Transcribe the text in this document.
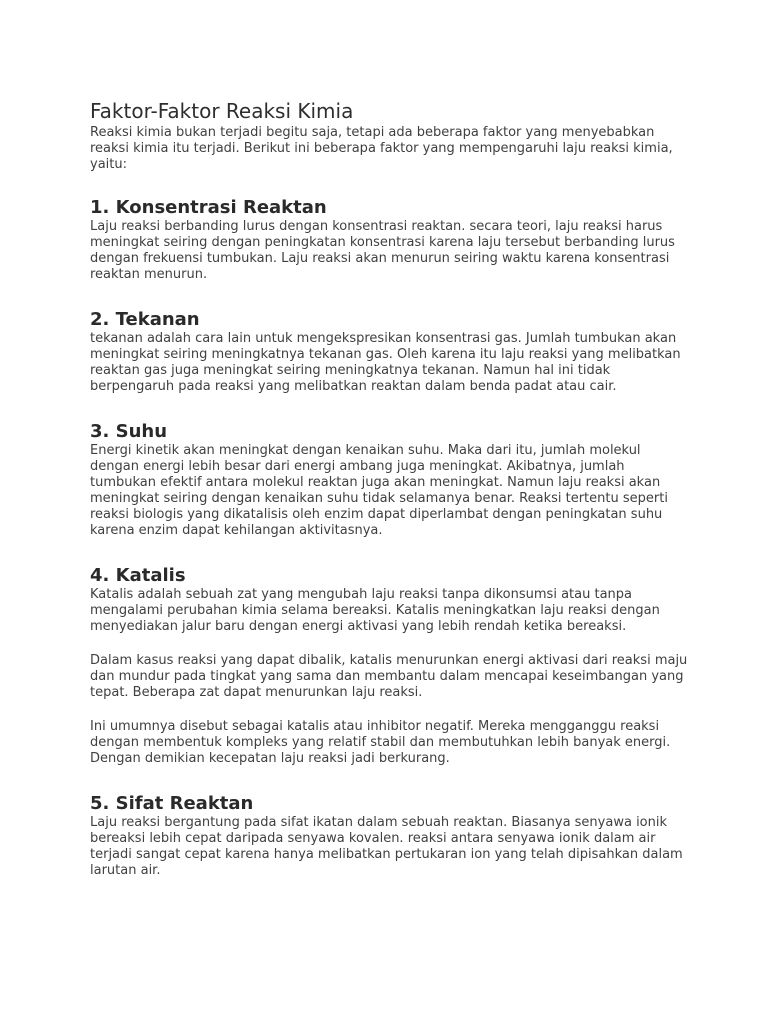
Faktor-Faktor Reaksi Kimia

Reaksi kimia bukan terjadi begitu saja, tetapi ada beberapa faktor yang menyebabkan reaksi kimia itu terjadi. Berikut ini beberapa faktor yang mempengaruhi laju reaksi kimia, yaitu:

1. Konsentrasi Reaktan

Laju reaksi berbanding lurus dengan konsentrasi reaktan. secara teori, laju reaksi harus meningkat seiring dengan peningkatan konsentrasi karena laju tersebut berbanding lurus dengan frekuensi tumbukan. Laju reaksi akan menurun seiring waktu karena konsentrasi reaktan menurun.

2. Tekanan

tekanan adalah cara lain untuk mengekspresikan konsentrasi gas. Jumlah tumbukan akan meningkat seiring meningkatnya tekanan gas. Oleh karena itu laju reaksi yang melibatkan reaktan gas juga meningkat seiring meningkatnya tekanan. Namun hal ini tidak berpengaruh pada reaksi yang melibatkan reaktan dalam benda padat atau cair.

3. Suhu

Energi kinetik akan meningkat dengan kenaikan suhu. Maka dari itu, jumlah molekul dengan energi lebih besar dari energi ambang juga meningkat. Akibatnya, jumlah tumbukan efektif antara molekul reaktan juga akan meningkat. Namun laju reaksi akan meningkat seiring dengan kenaikan suhu tidak selamanya benar. Reaksi tertentu seperti reaksi biologis yang dikatalisis oleh enzim dapat diperlambat dengan peningkatan suhu karena enzim dapat kehilangan aktivitasnya.

4. Katalis

Katalis adalah sebuah zat yang mengubah laju reaksi tanpa dikonsumsi atau tanpa mengalami perubahan kimia selama bereaksi. Katalis meningkatkan laju reaksi dengan menyediakan jalur baru dengan energi aktivasi yang lebih rendah ketika bereaksi.

Dalam kasus reaksi yang dapat dibalik, katalis menurunkan energi aktivasi dari reaksi maju dan mundur pada tingkat yang sama dan membantu dalam mencapai keseimbangan yang tepat. Beberapa zat dapat menurunkan laju reaksi.

Ini umumnya disebut sebagai katalis atau inhibitor negatif. Mereka mengganggu reaksi dengan membentuk kompleks yang relatif stabil dan membutuhkan lebih banyak energi. Dengan demikian kecepatan laju reaksi jadi berkurang.

5. Sifat Reaktan

Laju reaksi bergantung pada sifat ikatan dalam sebuah reaktan. Biasanya senyawa ionik bereaksi lebih cepat daripada senyawa kovalen. reaksi antara senyawa ionik dalam air terjadi sangat cepat karena hanya melibatkan pertukaran ion yang telah dipisahkan dalam larutan air.
